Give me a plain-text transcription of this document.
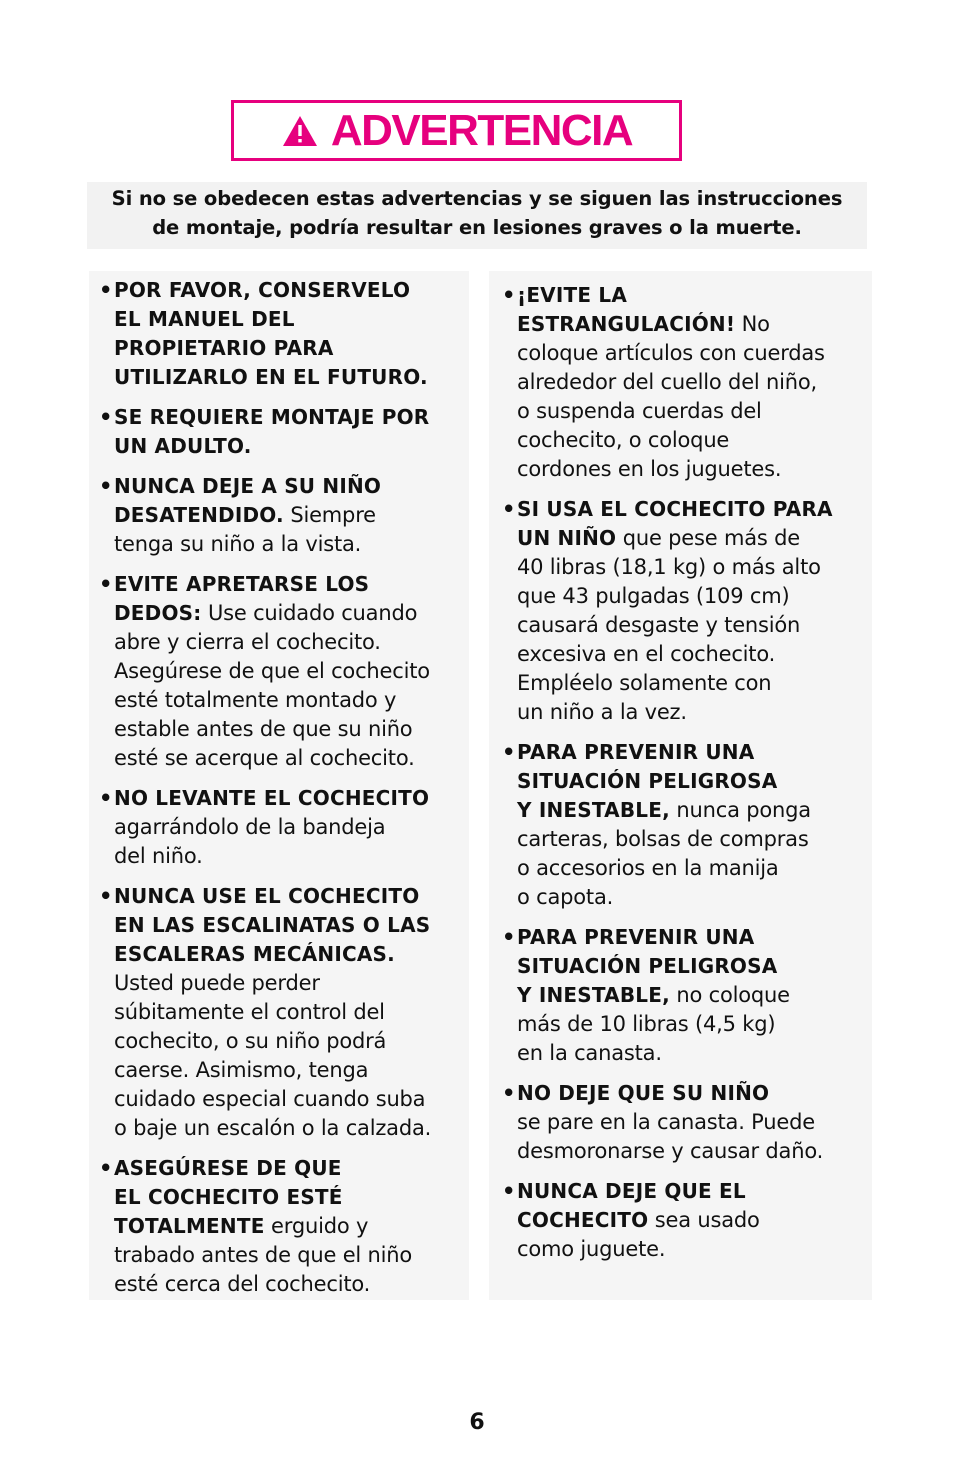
ADVERTENCIA
Si no se obedecen estas advertencias y se siguen las instrucciones
de montaje, podría resultar en lesiones graves o la muerte.

• POR FAVOR, CONSERVELO
EL MANUEL DEL
PROPIETARIO PARA
UTILIZARLO EN EL FUTURO.

• SE REQUIERE MONTAJE POR
UN ADULTO.

• NUNCA DEJE A SU NIÑO
DESATENDIDO. Siempre
tenga su niño a la vista.

• EVITE APRETARSE LOS
DEDOS: Use cuidado cuando
abre y cierra el cochecito.
Asegúrese de que el cochecito
esté totalmente montado y
estable antes de que su niño
esté se acerque al cochecito.

• NO LEVANTE EL COCHECITO
agarrándolo de la bandeja
del niño.

• NUNCA USE EL COCHECITO
EN LAS ESCALINATAS O LAS
ESCALERAS MECÁNICAS.
Usted puede perder
súbitamente el control del
cochecito, o su niño podrá
caerse. Asimismo, tenga
cuidado especial cuando suba
o baje un escalón o la calzada.

• ASEGÚRESE DE QUE
EL COCHECITO ESTÉ
TOTALMENTE erguido y
trabado antes de que el niño
esté cerca del cochecito.

• ¡EVITE LA
ESTRANGULACIÓN! No
coloque artículos con cuerdas
alrededor del cuello del niño,
o suspenda cuerdas del
cochecito, o coloque
cordones en los juguetes.

• SI USA EL COCHECITO PARA
UN NIÑO que pese más de
40 libras (18,1 kg) o más alto
que 43 pulgadas (109 cm)
causará desgaste y tensión
excesiva en el cochecito.
Empléelo solamente con
un niño a la vez.

• PARA PREVENIR UNA
SITUACIÓN PELIGROSA
Y INESTABLE, nunca ponga
carteras, bolsas de compras
o accesorios en la manija
o capota.

• PARA PREVENIR UNA
SITUACIÓN PELIGROSA
Y INESTABLE, no coloque
más de 10 libras (4,5 kg)
en la canasta.

• NO DEJE QUE SU NIÑO
se pare en la canasta. Puede
desmoronarse y causar daño.

• NUNCA DEJE QUE EL
COCHECITO sea usado
como juguete.

6
